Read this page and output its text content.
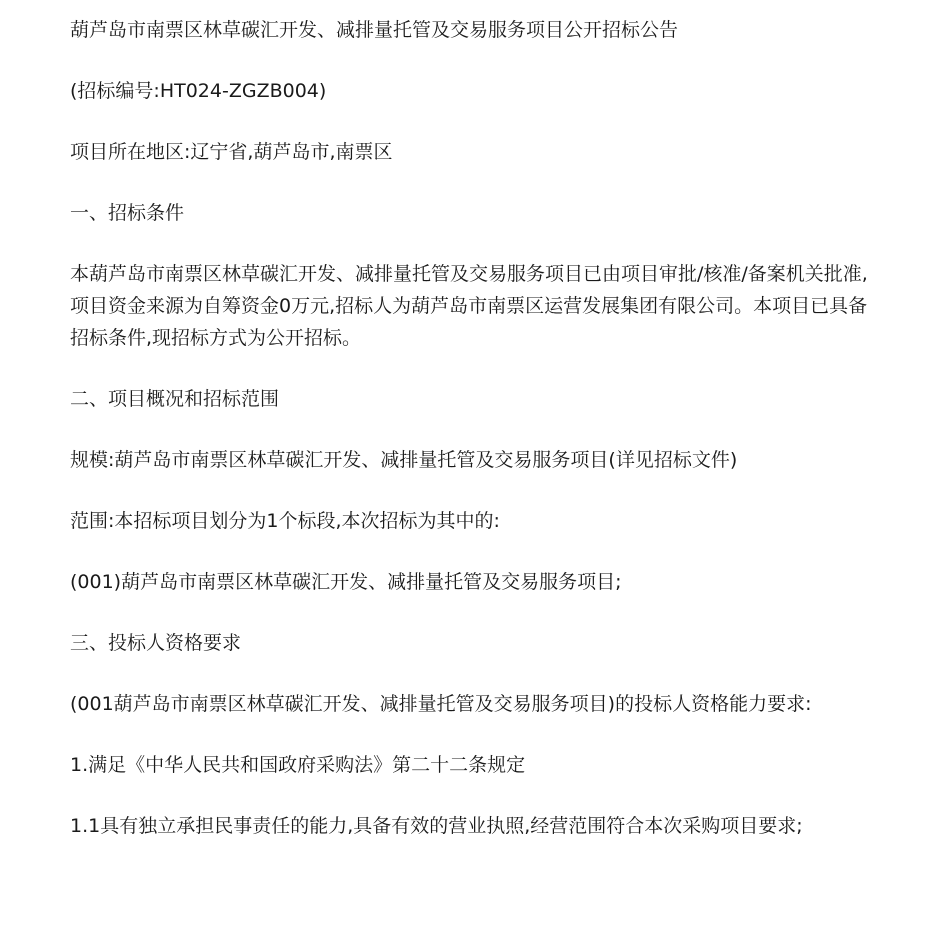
葫芦岛市南票区林草碳汇开发、减排量托管及交易服务项目公开招标公告

(招标编号:HT024-ZGZB004)

项目所在地区:辽宁省,葫芦岛市,南票区

一、招标条件

本葫芦岛市南票区林草碳汇开发、减排量托管及交易服务项目已由项目审批/核准/备案机关批准,项目资金来源为自筹资金0万元,招标人为葫芦岛市南票区运营发展集团有限公司。本项目已具备招标条件,现招标方式为公开招标。

二、项目概况和招标范围

规模:葫芦岛市南票区林草碳汇开发、减排量托管及交易服务项目(详见招标文件)

范围:本招标项目划分为1个标段,本次招标为其中的:

(001)葫芦岛市南票区林草碳汇开发、减排量托管及交易服务项目;

三、投标人资格要求

(001葫芦岛市南票区林草碳汇开发、减排量托管及交易服务项目)的投标人资格能力要求:

1.满足《中华人民共和国政府采购法》第二十二条规定

1.1具有独立承担民事责任的能力,具备有效的营业执照,经营范围符合本次采购项目要求;
